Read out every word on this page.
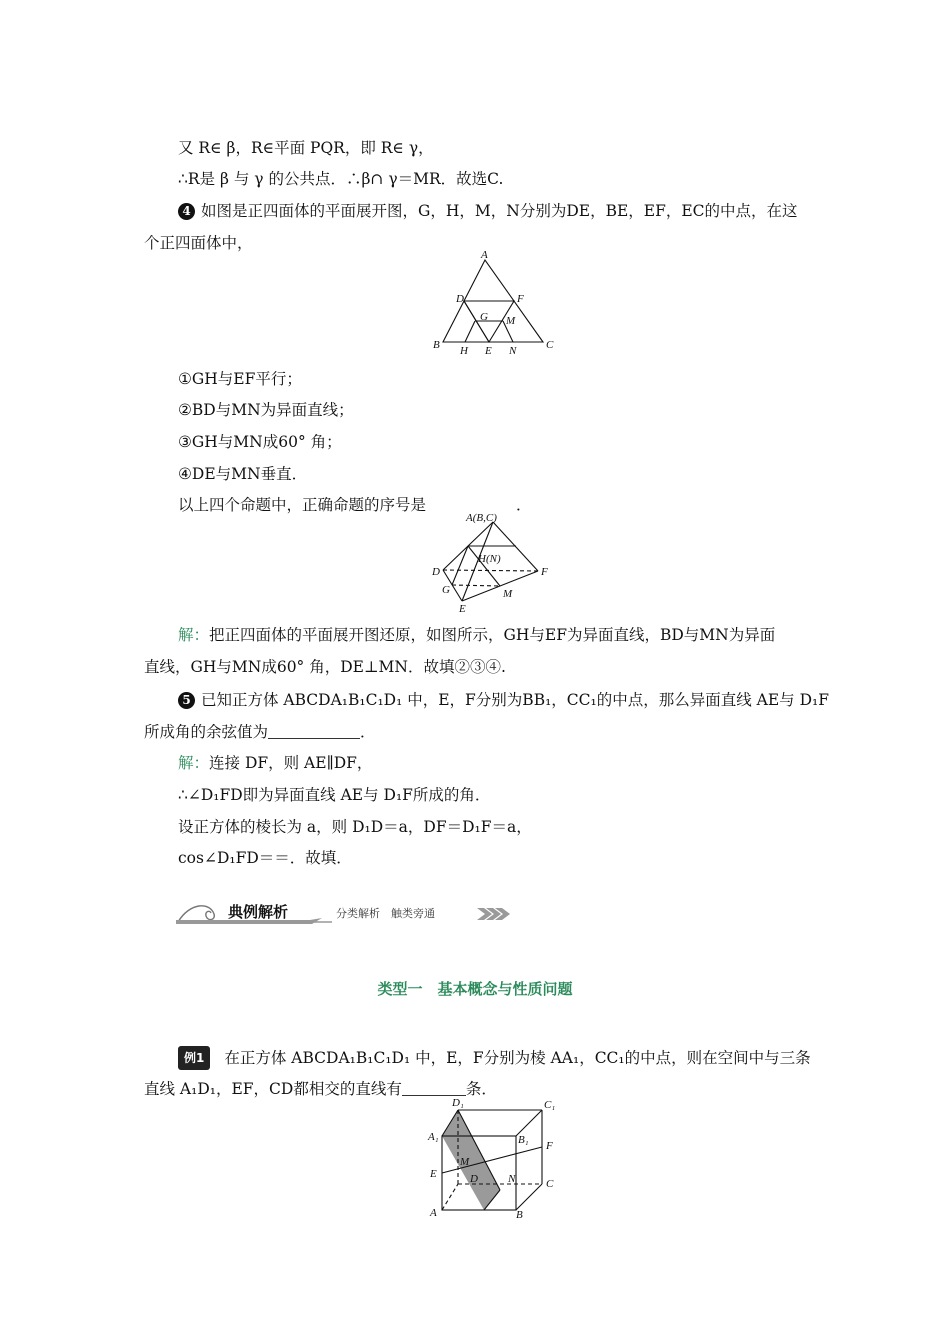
又 R∈ β，R∈平面 PQR，即 R∈ γ，
∴R是 β 与 γ 的公共点．∴β∩ γ＝MR．故选C.
4 如图是正四面体的平面展开图，G，H，M，N分别为DE，BE，EF，EC的中点，在这
个正四面体中，
A
D	F
G M
B H E N	C
①GH与EF平行；
②BD与MN为异面直线；
③GH与MN成60° 角；
④DE与MN垂直．
以上四个命题中，正确命题的序号是	．
A(B,C)
H(N)
D	F
G	M
E
解：把正四面体的平面展开图还原，如图所示，GH与EF为异面直线，BD与MN为异面
直线，GH与MN成60° 角，DE⊥MN．故填②③④.
5 已知正方体 ABCDA₁B₁C₁D₁ 中，E，F分别为BB₁，CC₁的中点，那么异面直线 AE与 D₁F
所成角的余弦值为	．
解：连接 DF，则 AE∥DF，
∴∠D₁FD即为异面直线 AE与 D₁F所成的角．
设正方体的棱长为 a，则 D₁D＝a，DF＝D₁F＝a，
cos∠D₁FD＝＝．故填．
典例解析	分类解析　触类旁通
类型一　基本概念与性质问题
例1 在正方体 ABCDA₁B₁C₁D₁ 中，E，F分别为棱 AA₁，CC₁的中点，则在空间中与三条
直线 A₁D₁，EF，CD都相交的直线有	条．
D₁	C₁
A₁	B₁ F
M
E	D	N	C
A	B
